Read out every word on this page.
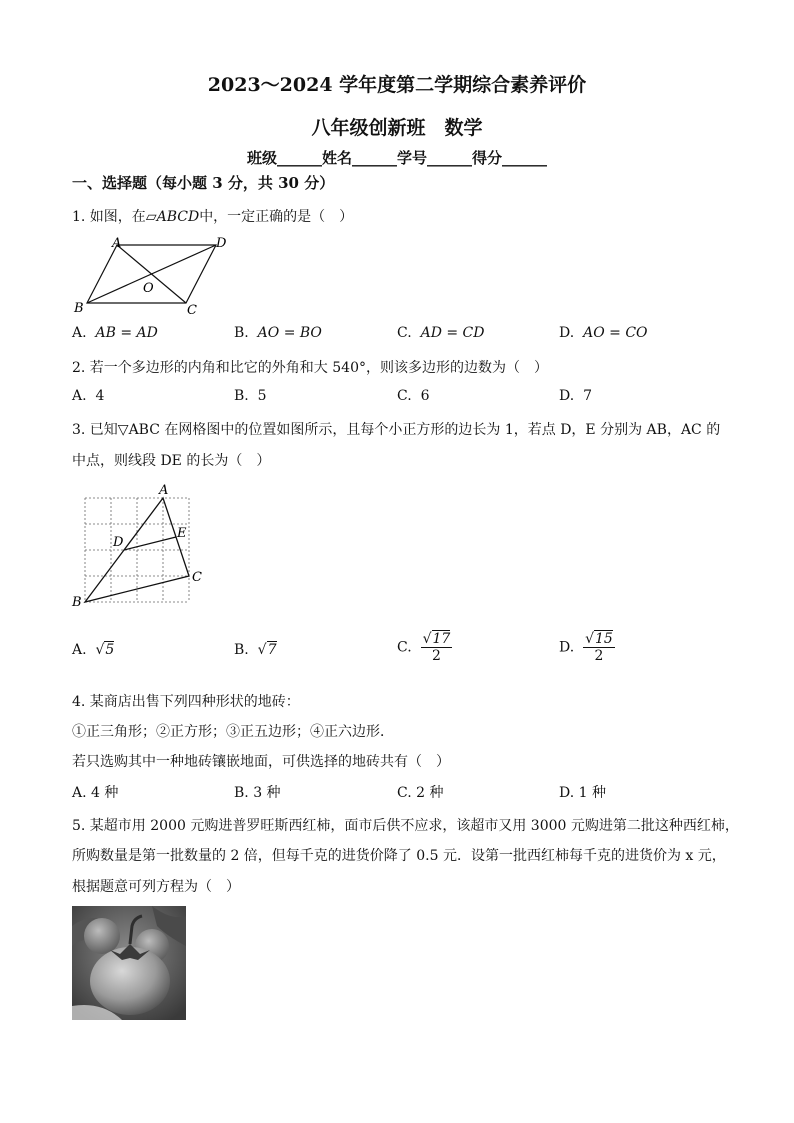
2023～2024 学年度第二学期综合素养评价
八年级创新班　数学
班级______姓名______学号______得分______
一、选择题（每小题 3 分，共 30 分）
1. 如图，在▱ABCD中，一定正确的是（　）
A	D
B	C
O
A. AB = AD	B. AO = BO	C. AD = CD	D. AO = CO
2. 若一个多边形的内角和比它的外角和大 540°，则该多边形的边数为（　）
A. 4	B. 5	C. 6	D. 7
3. 已知▽ABC 在网格图中的位置如图所示，且每个小正方形的边长为 1，若点 D，E 分别为 AB，AC 的
中点，则线段 DE 的长为（　）
A
B
C
D
E
A. √5	B. √7	C. $\frac{√17}{2}$	D. $\frac{√15}{2}$
4. 某商店出售下列四种形状的地砖：
①正三角形；②正方形；③正五边形；④正六边形．
若只选购其中一种地砖镶嵌地面，可供选择的地砖共有（　）
A. 4 种	B. 3 种	C. 2 种	D. 1 种
5. 某超市用 2000 元购进普罗旺斯西红柿，面市后供不应求，该超市又用 3000 元购进第二批这种西红柿，
所购数量是第一批数量的 2 倍，但每千克的进货价降了 0.5 元．设第一批西红柿每千克的进货价为 x 元，
根据题意可列方程为（　）
